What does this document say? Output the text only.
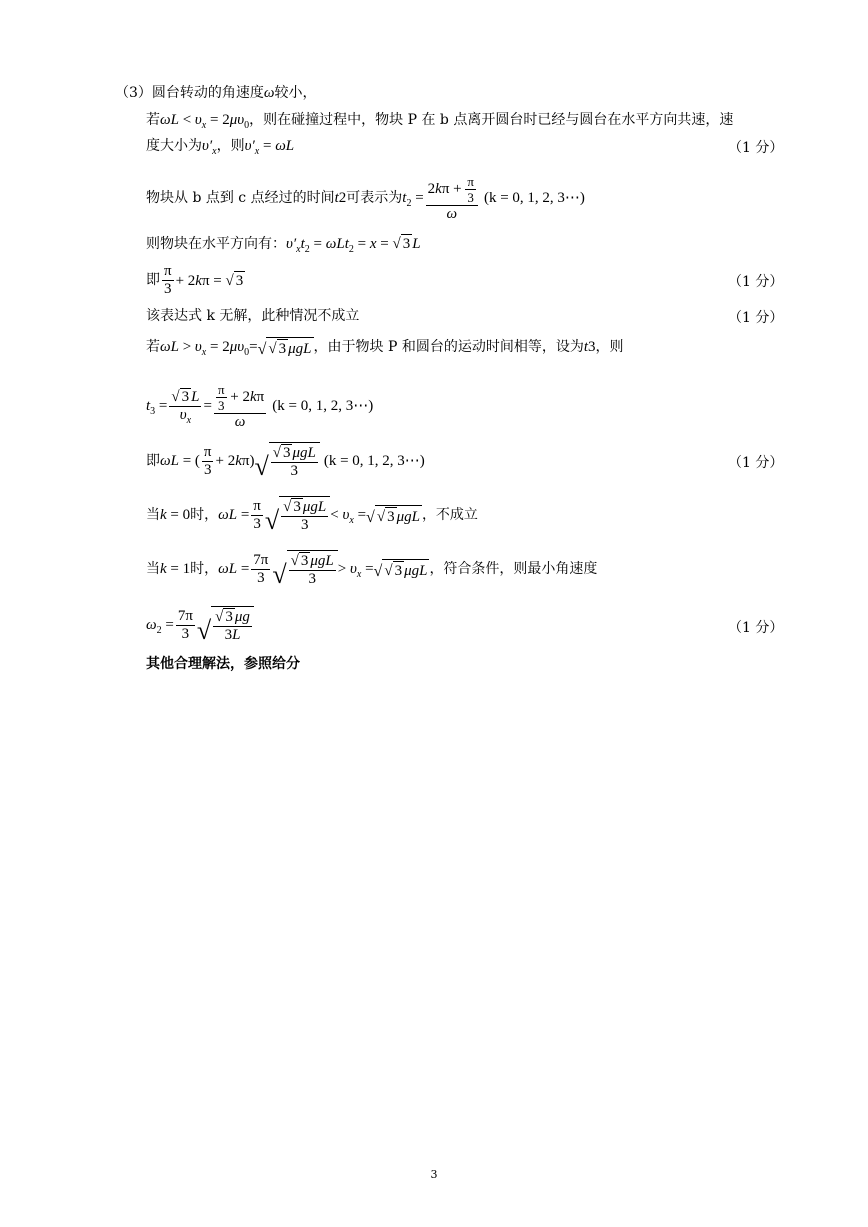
（3）圆台转动的角速度ω较小，
若$\omega L < \upsilon_x = 2\mu\upsilon_0$，则在碰撞过程中，物块 P 在 b 点离开圆台时已经与圆台在水平方向共速，速
度大小为$\upsilon'_x$，则$\upsilon'_x = \omega L$	（1 分）
物块从 b 点到 c 点经过的时间 t 2 可表示为 $t_2 = \frac{2k\pi + \frac{\pi}{3}}{\omega} (k = 0$, 1, 2, 3⋯)
则物块在水平方向有：$\upsilon'_xt_2 = \omega Lt_2 = x$ = √ 3 L
即 $\frac{\pi}{3} + 2k\pi$ = √ 3	（1 分）
该表达式 k 无解，此种情况不成立	（1 分）
若 $\omega L > \upsilon_x = 2\mu\upsilon_0=$ √ √ 3 μgL ，由于物块 P 和圆台的运动时间相等，设为 t 3 ，则
$t_3 = \frac{√ 3 L}{\upsilon_x} = \frac{\frac{\pi}{3} + 2k\pi}{\omega} (k = 0$, 1, 2, 3⋯)
即 ωL = ( $\frac{\pi}{3} + 2k\pi$) √ $\frac{\text{√ 3 μgL}}{3} (k = 0$, 1, 2, 3⋯)	（1 分）
当 k = 0 时， $\omega L = \frac{\pi}{3}$ √ $\frac{\text{√ 3 μgL}}{3} < \upsilon_x$ = √ √ 3 μgL ，不成立
当 k = 1 时， $\omega L = \frac{7\pi}{3}$ √ $\frac{\text{√ 3 μgL}}{3} > \upsilon_x$ = √ √ 3 μgL ，符合条件，则最小角速度
$\omega_2 = \frac{7\pi}{3}$ √ $\frac{√ 3 \mu g}{3L}$	（1 分）
其他合理解法，参照给分
3
